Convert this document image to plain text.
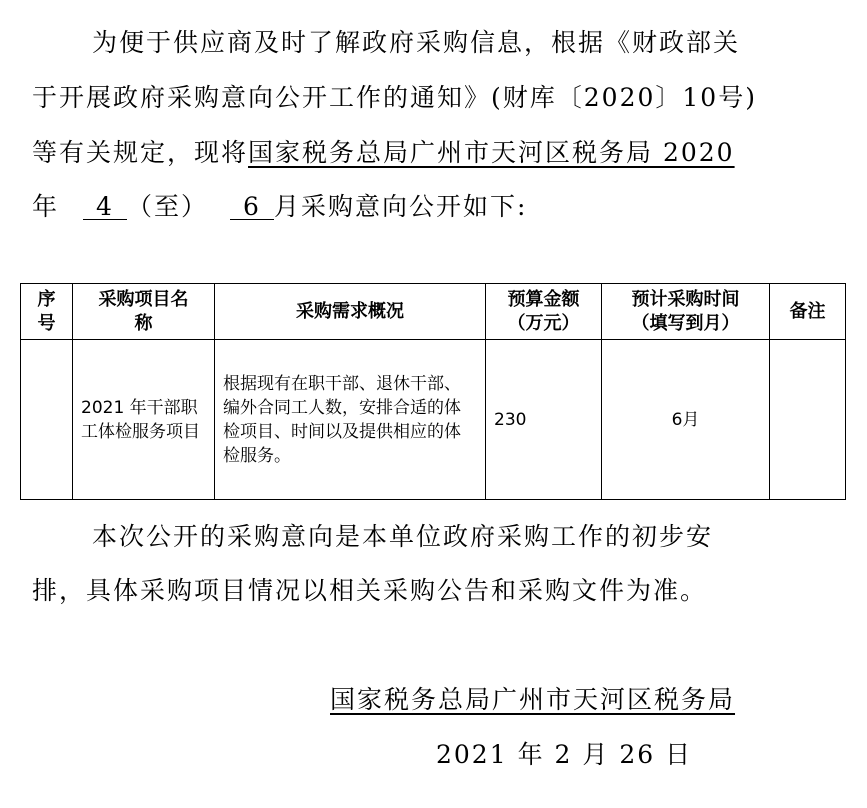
为便于供应商及时了解政府采购信息，根据《财政部关
于开展政府采购意向公开工作的通知》(财库〔2020〕10号)
等有关规定，现将国家税务总局广州市天河区税务局 2020
年 4 （至） 6 月采购意向公开如下:
序号	采购项目名称	采购需求概况	预算金额（万元）	预计采购时间（填写到月）	备注

	2021 年干部职工体检服务项目	根据现有在职干部、退休干部、编外合同工人数，安排合适的体检项目、时间以及提供相应的体检服务。	230	6月	
本次公开的采购意向是本单位政府采购工作的初步安
排，具体采购项目情况以相关采购公告和采购文件为准。
国家税务总局广州市天河区税务局
2021 年 2 月 26 日
